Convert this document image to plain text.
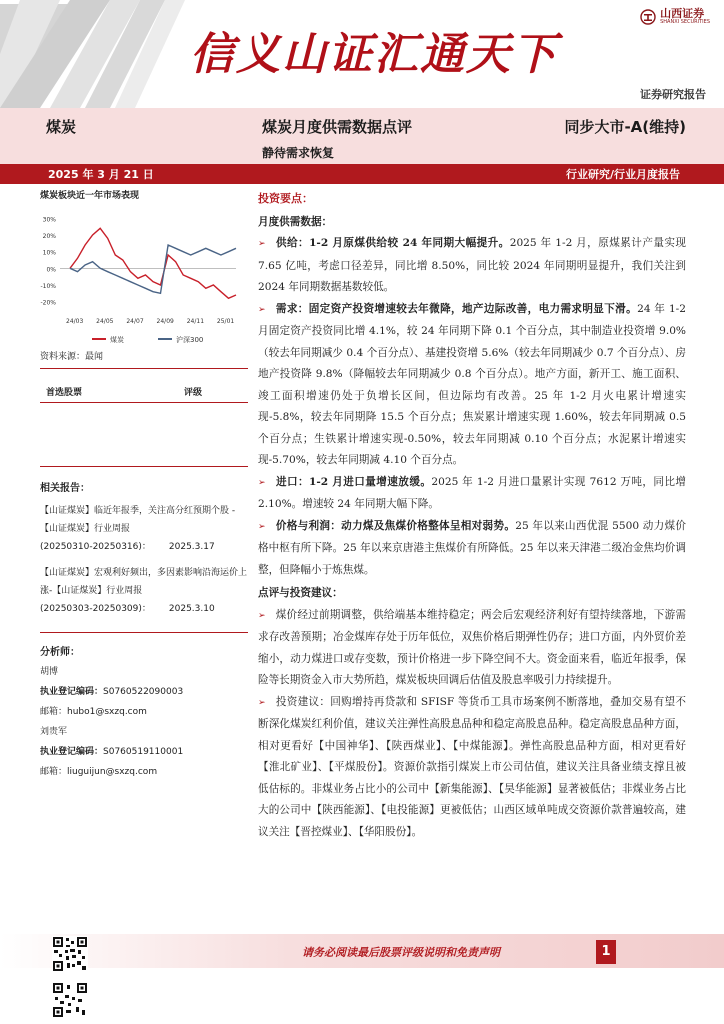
信义山证汇通天下
山西证券
SHANXI SECURITIES
证券研究报告
煤炭	煤炭月度供需数据点评	同步大市-A(维持)
静待需求恢复
2025 年 3 月 21 日	行业研究/行业月度报告
煤炭板块近一年市场表现
30%
20%
10%
0%
-10%
-20%
24/03 24/05 24/07 24/09 24/11 25/01
煤炭	沪深300
资料来源：最闻
首选股票	评级
相关报告：
【山证煤炭】临近年报季，关注高分红预期个股 -【山证煤炭】行业周报
(20250310-20250316)： 2025.3.17
【山证煤炭】宏观利好频出，多因素影响沿海运价上涨-【山证煤炭】行业周报
(20250303-20250309)： 2025.3.10
分析师：
胡博
执业登记编码：S0760522090003
邮箱：hubo1@sxzq.com
刘贵军
执业登记编码：S0760519110001
邮箱：liuguijun@sxzq.com
投资要点：
月度供需数据：
➢ 供给：1-2 月原煤供给较 24 年同期大幅提升。2025 年 1-2 月，原煤累计产量实现 7.65 亿吨，考虑口径差异，同比增 8.50%，同比较 2024 年同期明显提升，我们关注到 2024 年同期数据基数较低。
➢ 需求：固定资产投资增速较去年微降，地产边际改善，电力需求明显下滑。24 年 1-2 月固定资产投资同比增 4.1%，较 24 年同期下降 0.1 个百分点，其中制造业投资增 9.0%（较去年同期减少 0.4 个百分点）、基建投资增 5.6%（较去年同期减少 0.7 个百分点）、房地产投资降 9.8%（降幅较去年同期减少 0.8 个百分点）。地产方面，新开工、施工面积、竣工面积增速仍处于负增长区间，但边际均有改善。25 年 1-2 月火电累计增速实现-5.8%，较去年同期降 15.5 个百分点；焦炭累计增速实现 1.60%，较去年同期减 0.5 个百分点；生铁累计增速实现-0.50%，较去年同期减 0.10 个百分点；水泥累计增速实现-5.70%，较去年同期减 4.10 个百分点。
➢ 进口：1-2 月进口量增速放缓。2025 年 1-2 月进口量累计实现 7612 万吨，同比增 2.10%。增速较 24 年同期大幅下降。
➢ 价格与利润：动力煤及焦煤价格整体呈相对弱势。25 年以来山西优混 5500 动力煤价格中枢有所下降。25 年以来京唐港主焦煤价有所降低。25 年以来天津港二级冶金焦均价调整，但降幅小于炼焦煤。
点评与投资建议：
➢ 煤价经过前期调整，供给端基本维持稳定；两会后宏观经济利好有望持续落地，下游需求存改善预期；冶金煤库存处于历年低位，双焦价格后期弹性仍存；进口方面，内外贸价差缩小，动力煤进口或存变数，预计价格进一步下降空间不大。资金面来看，临近年报季，保险等长期资金入市大势所趋，煤炭板块回调后估值及股息率吸引力持续提升。
➢ 投资建议：回购增持再贷款和 SFISF 等货币工具市场案例不断落地，叠加交易有望不断深化煤炭红利价值，建议关注弹性高股息品种和稳定高股息品种。稳定高股息品种方面，相对更看好【中国神华】、【陕西煤业】、【中煤能源】。弹性高股息品种方面，相对更看好【淮北矿业】、【平煤股份】。资源价款指引煤炭上市公司估值，建议关注具备业绩支撑且被低估标的。非煤业务占比小的公司中【新集能源】、【昊华能源】显著被低估；非煤业务占比大的公司中【陕西能源】、【电投能源】更被低估；山西区域单吨成交资源价款普遍较高，建议关注【晋控煤业】、【华阳股份】。
请务必阅读最后股票评级说明和免责声明	1
